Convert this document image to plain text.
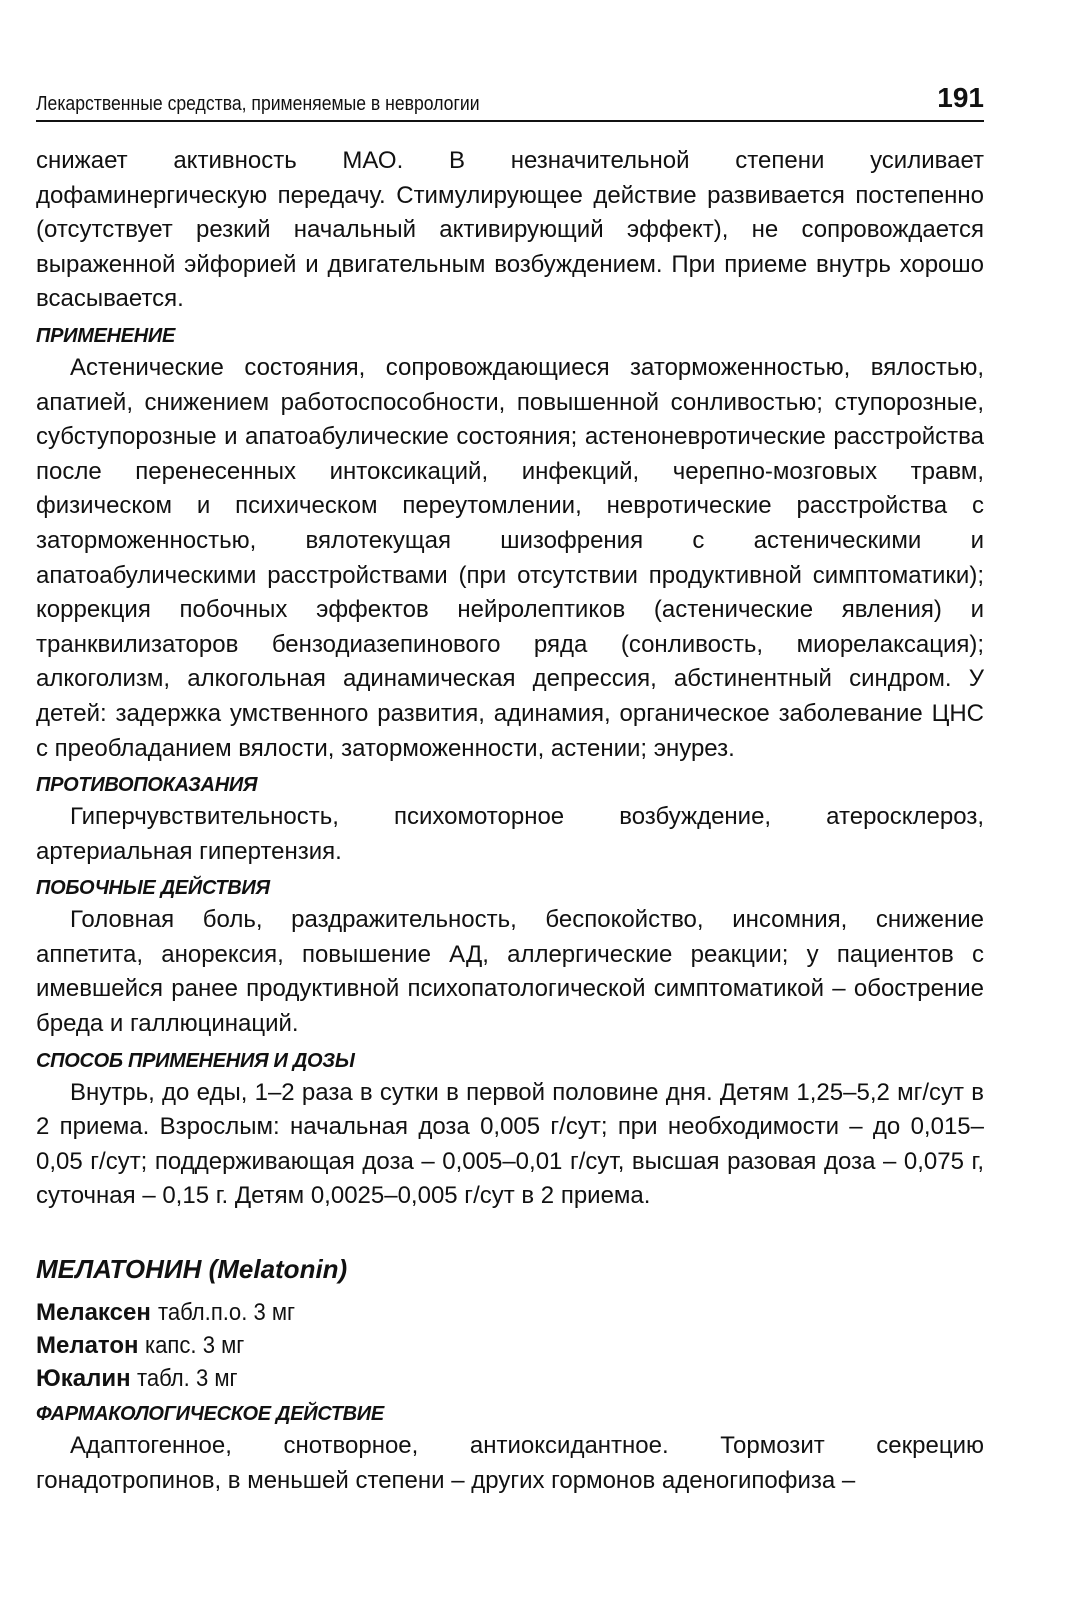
Лекарственные средства, применяемые в неврологии	191

снижает активность МАО. В незначительной степени усиливает дофаминергическую передачу. Стимулирующее действие развивается постепенно (отсутствует резкий начальный активирующий эффект), не сопровождается выраженной эйфорией и двигательным возбуждением. При приеме внутрь хорошо всасывается.

ПРИМЕНЕНИЕ

Астенические состояния, сопровождающиеся заторможенностью, вялостью, апатией, снижением работоспособности, повышенной сонливостью; ступорозные, субступорозные и апатоабулические состояния; астеноневротические расстройства после перенесенных интоксикаций, инфекций, черепно-мозговых травм, физическом и психическом переутомлении, невротические расстройства с заторможенностью, вялотекущая шизофрения с астеническими и апатоабулическими расстройствами (при отсутствии продуктивной симптоматики); коррекция побочных эффектов нейролептиков (астенические явления) и транквилизаторов бензодиазепинового ряда (сонливость, миорелаксация); алкоголизм, алкогольная адинамическая депрессия, абстинентный синдром. У детей: задержка умственного развития, адинамия, органическое заболевание ЦНС с преобладанием вялости, заторможенности, астении; энурез.

ПРОТИВОПОКАЗАНИЯ

Гиперчувствительность, психомоторное возбуждение, атеросклероз, артериальная гипертензия.

ПОБОЧНЫЕ ДЕЙСТВИЯ

Головная боль, раздражительность, беспокойство, инсомния, снижение аппетита, анорексия, повышение АД, аллергические реакции; у пациентов с имевшейся ранее продуктивной психопатологической симптоматикой – обострение бреда и галлюцинаций.

СПОСОБ ПРИМЕНЕНИЯ И ДОЗЫ

Внутрь, до еды, 1–2 раза в сутки в первой половине дня. Детям 1,25–5,2 мг/сут в 2 приема. Взрослым: начальная доза 0,005 г/сут; при необходимости – до 0,015–0,05 г/сут; поддерживающая доза – 0,005–0,01 г/сут, высшая разовая доза – 0,075 г, суточная – 0,15 г. Детям 0,0025–0,005 г/сут в 2 приема.

МЕЛАТОНИН (Melatonin)

Мелаксен табл.п.о. 3 мг

Мелатон капс. 3 мг

Юкалин табл. 3 мг

ФАРМАКОЛОГИЧЕСКОЕ ДЕЙСТВИЕ

Адаптогенное, снотворное, антиоксидантное. Тормозит секрецию гонадотропинов, в меньшей степени – других гормонов аденогипофиза –
